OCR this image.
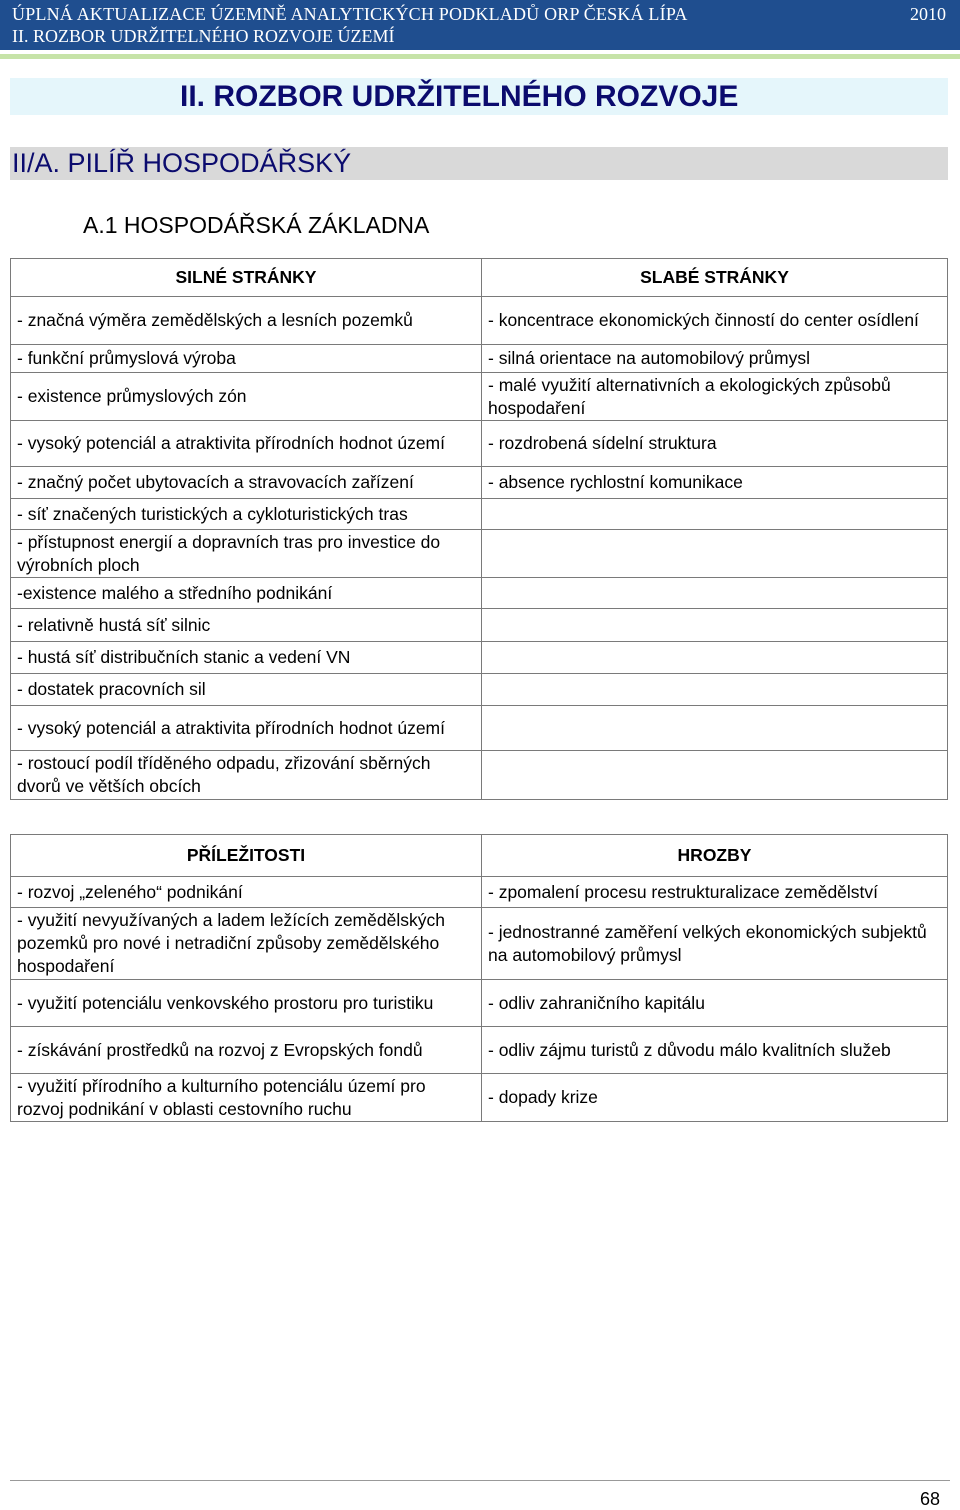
ÚPLNÁ AKTUALIZACE ÚZEMNĚ ANALYTICKÝCH PODKLADŮ ORP ČESKÁ LÍPA
II. ROZBOR UDRŽITELNÉHO ROZVOJE ÚZEMÍ
2010
II. ROZBOR UDRŽITELNÉHO ROZVOJE
II/A. PILÍŘ HOSPODÁŘSKÝ
A.1 HOSPODÁŘSKÁ ZÁKLADNA
SILNÉ STRÁNKY	SLABÉ STRÁNKY
- značná výměra zemědělských a lesních pozemků	- koncentrace ekonomických činností do center osídlení
- funkční průmyslová výroba	- silná orientace na automobilový průmysl
- existence průmyslových zón	- malé využití alternativních a ekologických způsobů hospodaření
- vysoký potenciál a atraktivita přírodních hodnot území	- rozdrobená sídelní struktura
- značný počet ubytovacích a stravovacích zařízení	- absence rychlostní komunikace
- síť značených turistických a cykloturistických tras	
- přístupnost energií a dopravních tras pro investice do výrobních ploch	
-existence malého a středního podnikání	
- relativně hustá síť silnic	
- hustá síť distribučních stanic a vedení VN	
- dostatek pracovních sil	
- vysoký potenciál a atraktivita přírodních hodnot území	
- rostoucí podíl tříděného odpadu, zřizování sběrných dvorů ve větších obcích	
PŘÍLEŽITOSTI	HROZBY
- rozvoj „zeleného“ podnikání	- zpomalení procesu restrukturalizace zemědělství
- využití nevyužívaných a ladem ležících zemědělských pozemků pro nové i netradiční způsoby zemědělského hospodaření	- jednostranné zaměření velkých ekonomických subjektů na automobilový průmysl
- využití potenciálu venkovského prostoru pro turistiku	- odliv zahraničního kapitálu
- získávání prostředků na rozvoj z Evropských fondů	- odliv zájmu turistů z důvodu málo kvalitních služeb
- využití přírodního a kulturního potenciálu území pro rozvoj podnikání v oblasti cestovního ruchu	- dopady krize
68
